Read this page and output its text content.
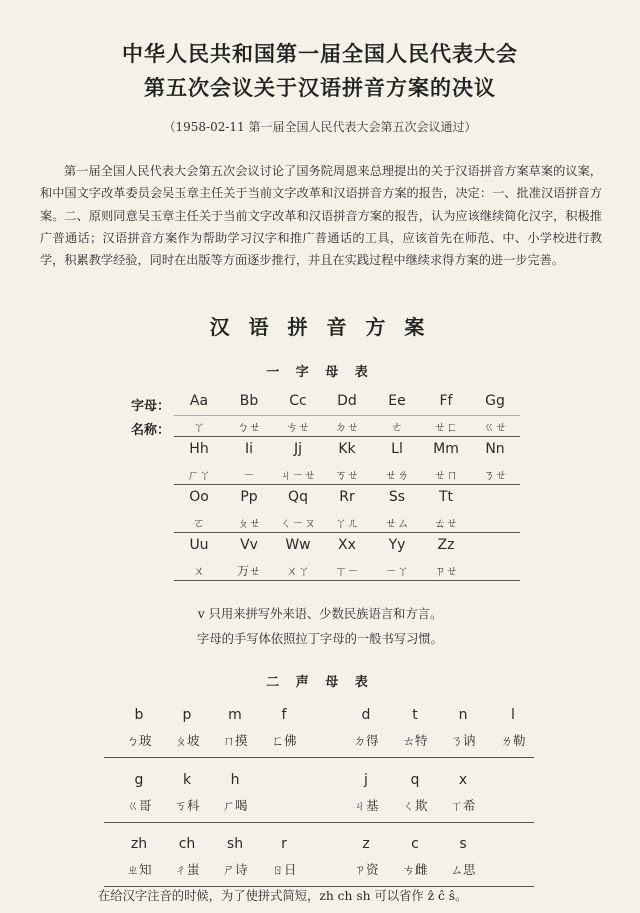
中华人民共和国第一届全国人民代表大会
第五次会议关于汉语拼音方案的决议
（1958-02-11 第一届全国人民代表大会第五次会议通过）
第一届全国人民代表大会第五次会议讨论了国务院周恩来总理提出的关于汉语拼音方案草案的议案，和中国文字改革委员会吴玉章主任关于当前文字改革和汉语拼音方案的报告，决定：一、批准汉语拼音方案。二、原则同意吴玉章主任关于当前文字改革和汉语拼音方案的报告，认为应该继续简化汉字，积极推广普通话；汉语拼音方案作为帮助学习汉字和推广普通话的工具，应该首先在师范、中、小学校进行教学，积累教学经验，同时在出版等方面逐步推行，并且在实践过程中继续求得方案的进一步完善。
汉 语 拼 音 方 案
一 字 母 表
字母：
名称：
Aa
ㄚ
Bb
ㄅㄝ
Cc
ㄘㄝ
Dd
ㄉㄝ
Ee
ㄜ
Ff
ㄝㄈ
Gg
ㄍㄝ
Hh
ㄏㄚ
Ii
ㄧ
Jj
ㄐㄧㄝ
Kk
ㄎㄝ
Ll
ㄝㄌ
Mm
ㄝㄇ
Nn
ㄋㄝ
Oo
ㄛ
Pp
ㄆㄝ
Qq
ㄑㄧㄡ
Rr
ㄚㄦ
Ss
ㄝㄙ
Tt
ㄊㄝ
Uu
ㄨ
Vv
ㄪㄝ
Ww
ㄨㄚ
Xx
ㄒㄧ
Yy
ㄧㄚ
Zz
ㄗㄝ
v 只用来拼写外来语、少数民族语言和方言。
字母的手写体依照拉丁字母的一般书写习惯。
二 声 母 表
b
ㄅ玻
p
ㄆ坡
m
ㄇ摸
f
ㄈ佛
d
ㄉ得
t
ㄊ特
n
ㄋ讷
l
ㄌ勒
g
ㄍ哥
k
ㄎ科
h
ㄏ喝
j
ㄐ基
q
ㄑ欺
x
ㄒ希
zh
ㄓ知
ch
ㄔ蚩
sh
ㄕ诗
r
ㄖ日
z
ㄗ资
c
ㄘ雌
s
ㄙ思
在给汉字注音的时候，为了使拼式简短，zh ch sh 可以省作 ẑ ĉ ŝ。
